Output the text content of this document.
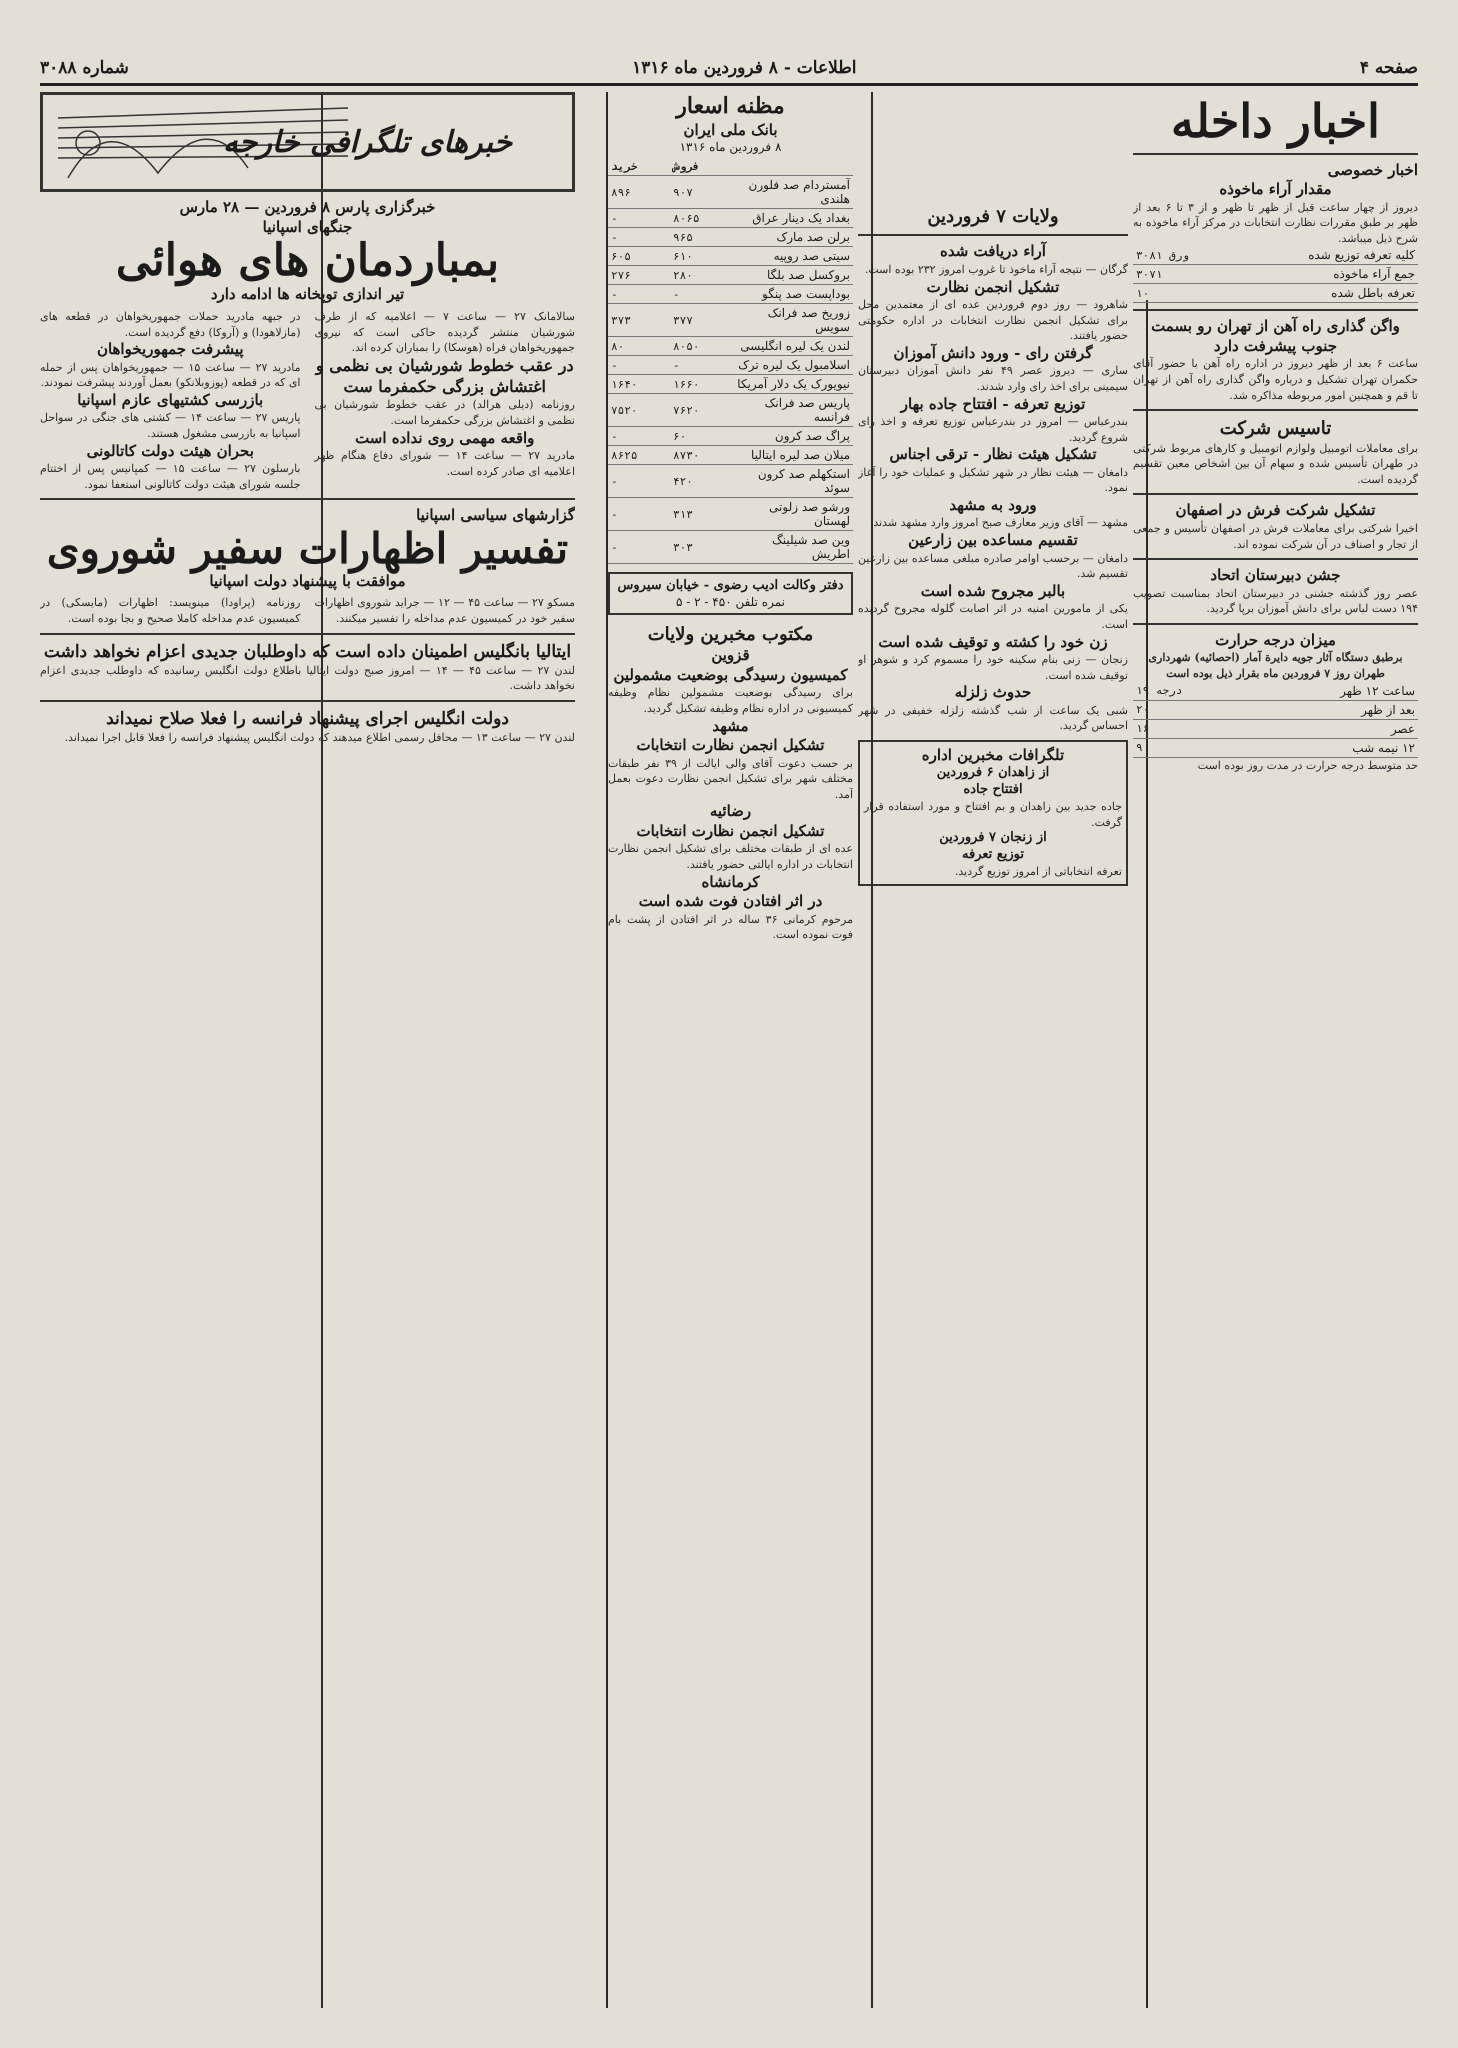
صفحه ۴
اطلاعات - ۸ فروردین ماه ۱۳۱۶
شماره ۳۰۸۸
اخبار داخله
اخبار خصوصی
مقدار آراء ماخوذه

دیروز از چهار ساعت قبل از ظهر تا ظهر و از ۳ تا ۶ بعد از ظهر بر طبق مقررات نظارت انتخابات در مرکز آراء ماخوذه به شرح ذیل میباشد.

کلیه تعرفه توزیع شده	۳۰۸۱ ورق
جمع آراء ماخوذه	۳۰۷۱
تعرفه باطل شده	۱۰
واگن گذاری راه آهن از تهران رو بسمت جنوب پیشرفت دارد

ساعت ۶ بعد از ظهر دیروز در اداره راه آهن با حضور آقای حکمران تهران تشکیل و درباره واگن گذاری راه آهن از تهران تا قم و همچنین امور مربوطه مذاکره شد.

تاسیس شرکت

برای معاملات اتومبیل ولوازم اتومبیل و کارهای مربوط شرکتی در طهران تأسیس شده و سهام آن بین اشخاص معین تقسیم گردیده است.

تشکیل شرکت فرش در اصفهان

اخیرا شرکتی برای معاملات فرش در اصفهان تأسیس و جمعی از تجار و اصناف در آن شرکت نموده اند.

جشن دبیرستان اتحاد

عصر روز گذشته جشنی در دبیرستان اتحاد بمناسبت تصویب ۱۹۴ دست لباس برای دانش آموزان برپا گردید.

میزان درجه حرارت

برطبق دستگاه آثار جویه دایرة آمار (احصائیه) شهرداری طهران روز ۷ فروردین ماه بقرار ذیل بوده است

ساعت ۱۲ ظهر	۱۹ درجه
بعد از ظهر	۲۰
عصر	۱۶
۱۲ نیمه شب	۹

حد متوسط درجه حرارت در مدت روز بوده است

ولایات ۷ فروردین
آراء دریافت شده

گرگان — نتیجه آراء ماخوذ تا غروب امروز ۲۳۲ بوده است.

تشکیل انجمن نظارت

شاهرود — روز دوم فروردین عده ای از معتمدین محل برای تشکیل انجمن نظارت انتخابات در اداره حکومتی حضور یافتند.

گرفتن رای - ورود دانش آموزان

ساری — دیروز عصر ۴۹ نفر دانش آموزان دبیرستان سیمینی برای اخذ رای وارد شدند.

توزیع تعرفه - افتتاح جاده بهار

بندرعباس — امروز در بندرعباس توزیع تعرفه و اخذ رای شروع گردید.

تشکیل هیئت نظار - ترقی اجناس

دامغان — هیئت نظار در شهر تشکیل و عملیات خود را آغاز نمود.

ورود به مشهد

مشهد — آقای وزیر معارف صبح امروز وارد مشهد شدند.

تقسیم مساعده بین زارعین

دامغان — برحسب اوامر صادره مبلغی مساعده بین زارعین تقسیم شد.

بالبر مجروح شده است

یکی از مامورین امنیه در اثر اصابت گلوله مجروح گردیده است.

زن خود را کشته و توقیف شده است

زنجان — زنی بنام سکینه خود را مسموم کرد و شوهر او توقیف شده است.

حدوث زلزله

شبی یک ساعت از شب گذشته زلزله خفیفی در شهر احساس گردید.

تلگرافات مخبرین اداره
از زاهدان ۶ فروردین
افتتاح جاده

جاده جدید بین زاهدان و بم افتتاح و مورد استفاده قرار گرفت.

از زنجان ۷ فروردین
توزیع تعرفه

تعرفه انتخاباتی از امروز توزیع گردید.

مظنه اسعار
بانک ملی ایران
۸ فروردین ماه ۱۳۱۶
	فروش	خرید
آمستردام صد فلورن هلندی	۹۰۷	۸۹۶
بغداد یک دینار عراق	۸۰۶۵	-
برلن صد مارک	۹۶۵	-
سیتی صد روپیه	۶۱۰	۶۰۵
بروکسل صد بلگا	۲۸۰	۲۷۶
بوداپست صد پنگو	-	-
زوریخ صد فرانک سویس	۳۷۷	۳۷۳
لندن یک لیره انگلیسی	۸۰۵۰	۸۰
اسلامبول یک لیره ترک	-	-
نیویورک یک دلار آمریکا	۱۶۶۰	۱۶۴۰
پاریس صد فرانک فرانسه	۷۶۲۰	۷۵۲۰
پراگ صد کرون	۶۰	-
میلان صد لیره ایتالیا	۸۷۳۰	۸۶۲۵
استکهلم صد کرون سوئد	۴۲۰	-
ورشو صد زلوتی لهستان	۳۱۳	-
وین صد شیلینگ اطریش	۳۰۳	-
دفتر وکالت ادیب رضوی - خیابان سیروس
نمره تلفن ۴۵۰ - ۲ - ۵
مکتوب مخبرین ولایات
قزوین
کمیسیون رسیدگی بوضعیت مشمولین

برای رسیدگی بوضعیت مشمولین نظام وظیفه کمیسیونی در اداره نظام وظیفه تشکیل گردید.

مشهد
تشکیل انجمن نظارت انتخابات

بر حسب دعوت آقای والی ایالت از ۳۹ نفر طبقات مختلف شهر برای تشکیل انجمن نظارت دعوت بعمل آمد.

رضائیه
تشکیل انجمن نظارت انتخابات

عده ای از طبقات مختلف برای تشکیل انجمن نظارت انتخابات در اداره ایالتی حضور یافتند.

کرمانشاه
در اثر افتادن فوت شده است

مرحوم کرمانی ۳۶ ساله در اثر افتادن از پشت بام فوت نموده است.

خبرهای تلگرافی خارجه
خبرگزاری پارس ۸ فروردین — ۲۸ مارس
جنگهای اسپانیا
بمباردمان های هوائی
تیر اندازی توپخانه ها ادامه دارد

سالامانک ۲۷ — ساعت ۷ — اعلامیه که از طرف شورشیان منتشر گردیده حاکی است که نیروی جمهوریخواهان فراه (هوسکا) را بمباران کرده اند.

در عقب خطوط شورشیان بی نظمی و اغتشاش بزرگی حکمفرما ست

روزنامه (دیلی هرالد) در عقب خطوط شورشیان بی نظمی و اغتشاش بزرگی حکمفرما است.

واقعه مهمی روی نداده است

مادرید ۲۷ — ساعت ۱۴ — شورای دفاع هنگام ظهر اعلامیه ای صادر کرده است.

در جبهه مادرید حملات جمهوریخواهان در قطعه های (مازلاهودا) و (آروکا) دفع گردیده است.

پیشرفت جمهوریخواهان

مادرید ۲۷ — ساعت ۱۵ — جمهوریخواهان پس از حمله ای که در قطعه (پوزوبلانکو) بعمل آوردند پیشرفت نمودند.

بازرسی کشتیهای عازم اسپانیا

پاریس ۲۷ — ساعت ۱۴ — کشتی های جنگی در سواحل اسپانیا به بازرسی مشغول هستند.

بحران هیئت دولت کاتالونی

بارسلون ۲۷ — ساعت ۱۵ — کمپانیس پس از اختتام جلسه شورای هیئت دولت کاتالونی استعفا نمود.

گزارشهای سیاسی اسپانیا
تفسیر اظهارات سفیر شوروی
موافقت با پیشنهاد دولت اسپانیا

مسکو ۲۷ — ساعت ۴۵ — ۱۲ — جراید شوروی اظهارات سفیر خود در کمیسیون عدم مداخله را تفسیر میکنند.

روزنامه (پراودا) مینویسد: اظهارات (مایسکی) در کمیسیون عدم مداخله کاملا صحیح و بجا بوده است.

ایتالیا بانگلیس اطمینان داده است که داوطلبان جدیدی اعزام نخواهد داشت

لندن ۲۷ — ساعت ۴۵ — ۱۴ — امروز صبح دولت ایتالیا باطلاع دولت انگلیس رسانیده که داوطلب جدیدی اعزام نخواهد داشت.

دولت انگلیس اجرای پیشنهاد فرانسه را فعلا صلاح نمیداند

لندن ۲۷ — ساعت ۱۳ — محافل رسمی اطلاع میدهند که دولت انگلیس پیشنهاد فرانسه را فعلا قابل اجرا نمیداند.
